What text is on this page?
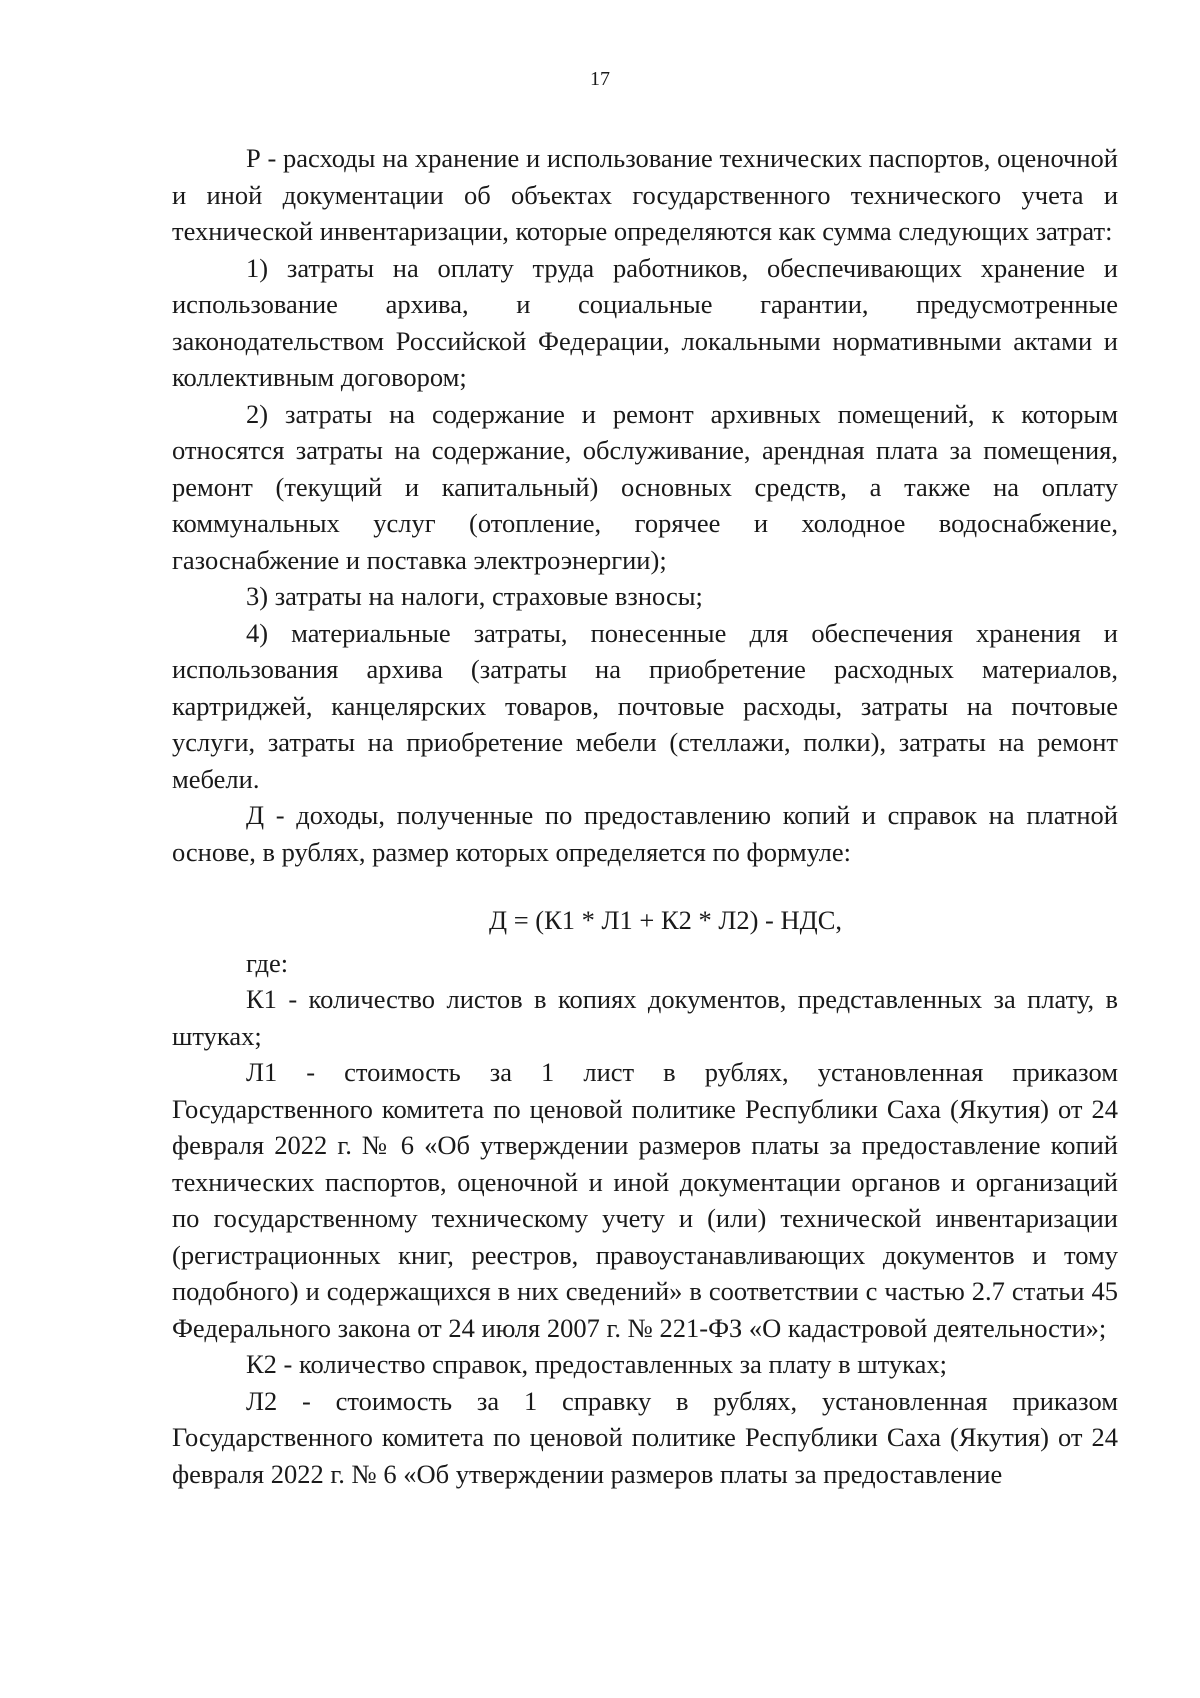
17

Р - расходы на хранение и использование технических паспортов, оценочной и иной документации об объектах государственного технического учета и технической инвентаризации, которые определяются как сумма следующих затрат:

1) затраты на оплату труда работников, обеспечивающих хранение и использование архива, и социальные гарантии, предусмотренные законодательством Российской Федерации, локальными нормативными актами и коллективным договором;

2) затраты на содержание и ремонт архивных помещений, к которым относятся затраты на содержание, обслуживание, арендная плата за помещения, ремонт (текущий и капитальный) основных средств, а также на оплату коммунальных услуг (отопление, горячее и холодное водоснабжение, газоснабжение и поставка электроэнергии);

3) затраты на налоги, страховые взносы;

4) материальные затраты, понесенные для обеспечения хранения и использования архива (затраты на приобретение расходных материалов, картриджей, канцелярских товаров, почтовые расходы, затраты на почтовые услуги, затраты на приобретение мебели (стеллажи, полки), затраты на ремонт мебели.

Д - доходы, полученные по предоставлению копий и справок на платной основе, в рублях, размер которых определяется по формуле:

Д = (К1 * Л1 + К2 * Л2) - НДС,

где:

К1 - количество листов в копиях документов, представленных за плату, в штуках;

Л1 - стоимость за 1 лист в рублях, установленная приказом Государственного комитета по ценовой политике Республики Саха (Якутия) от 24 февраля 2022 г. № 6 «Об утверждении размеров платы за предоставление копий технических паспортов, оценочной и иной документации органов и организаций по государственному техническому учету и (или) технической инвентаризации (регистрационных книг, реестров, правоустанавливающих документов и тому подобного) и содержащихся в них сведений» в соответствии с частью 2.7 статьи 45 Федерального закона от 24 июля 2007 г. № 221-ФЗ «О кадастровой деятельности»;

К2 - количество справок, предоставленных за плату в штуках;

Л2 - стоимость за 1 справку в рублях, установленная приказом Государственного комитета по ценовой политике Республики Саха (Якутия) от 24 февраля 2022 г. № 6 «Об утверждении размеров платы за предоставление
